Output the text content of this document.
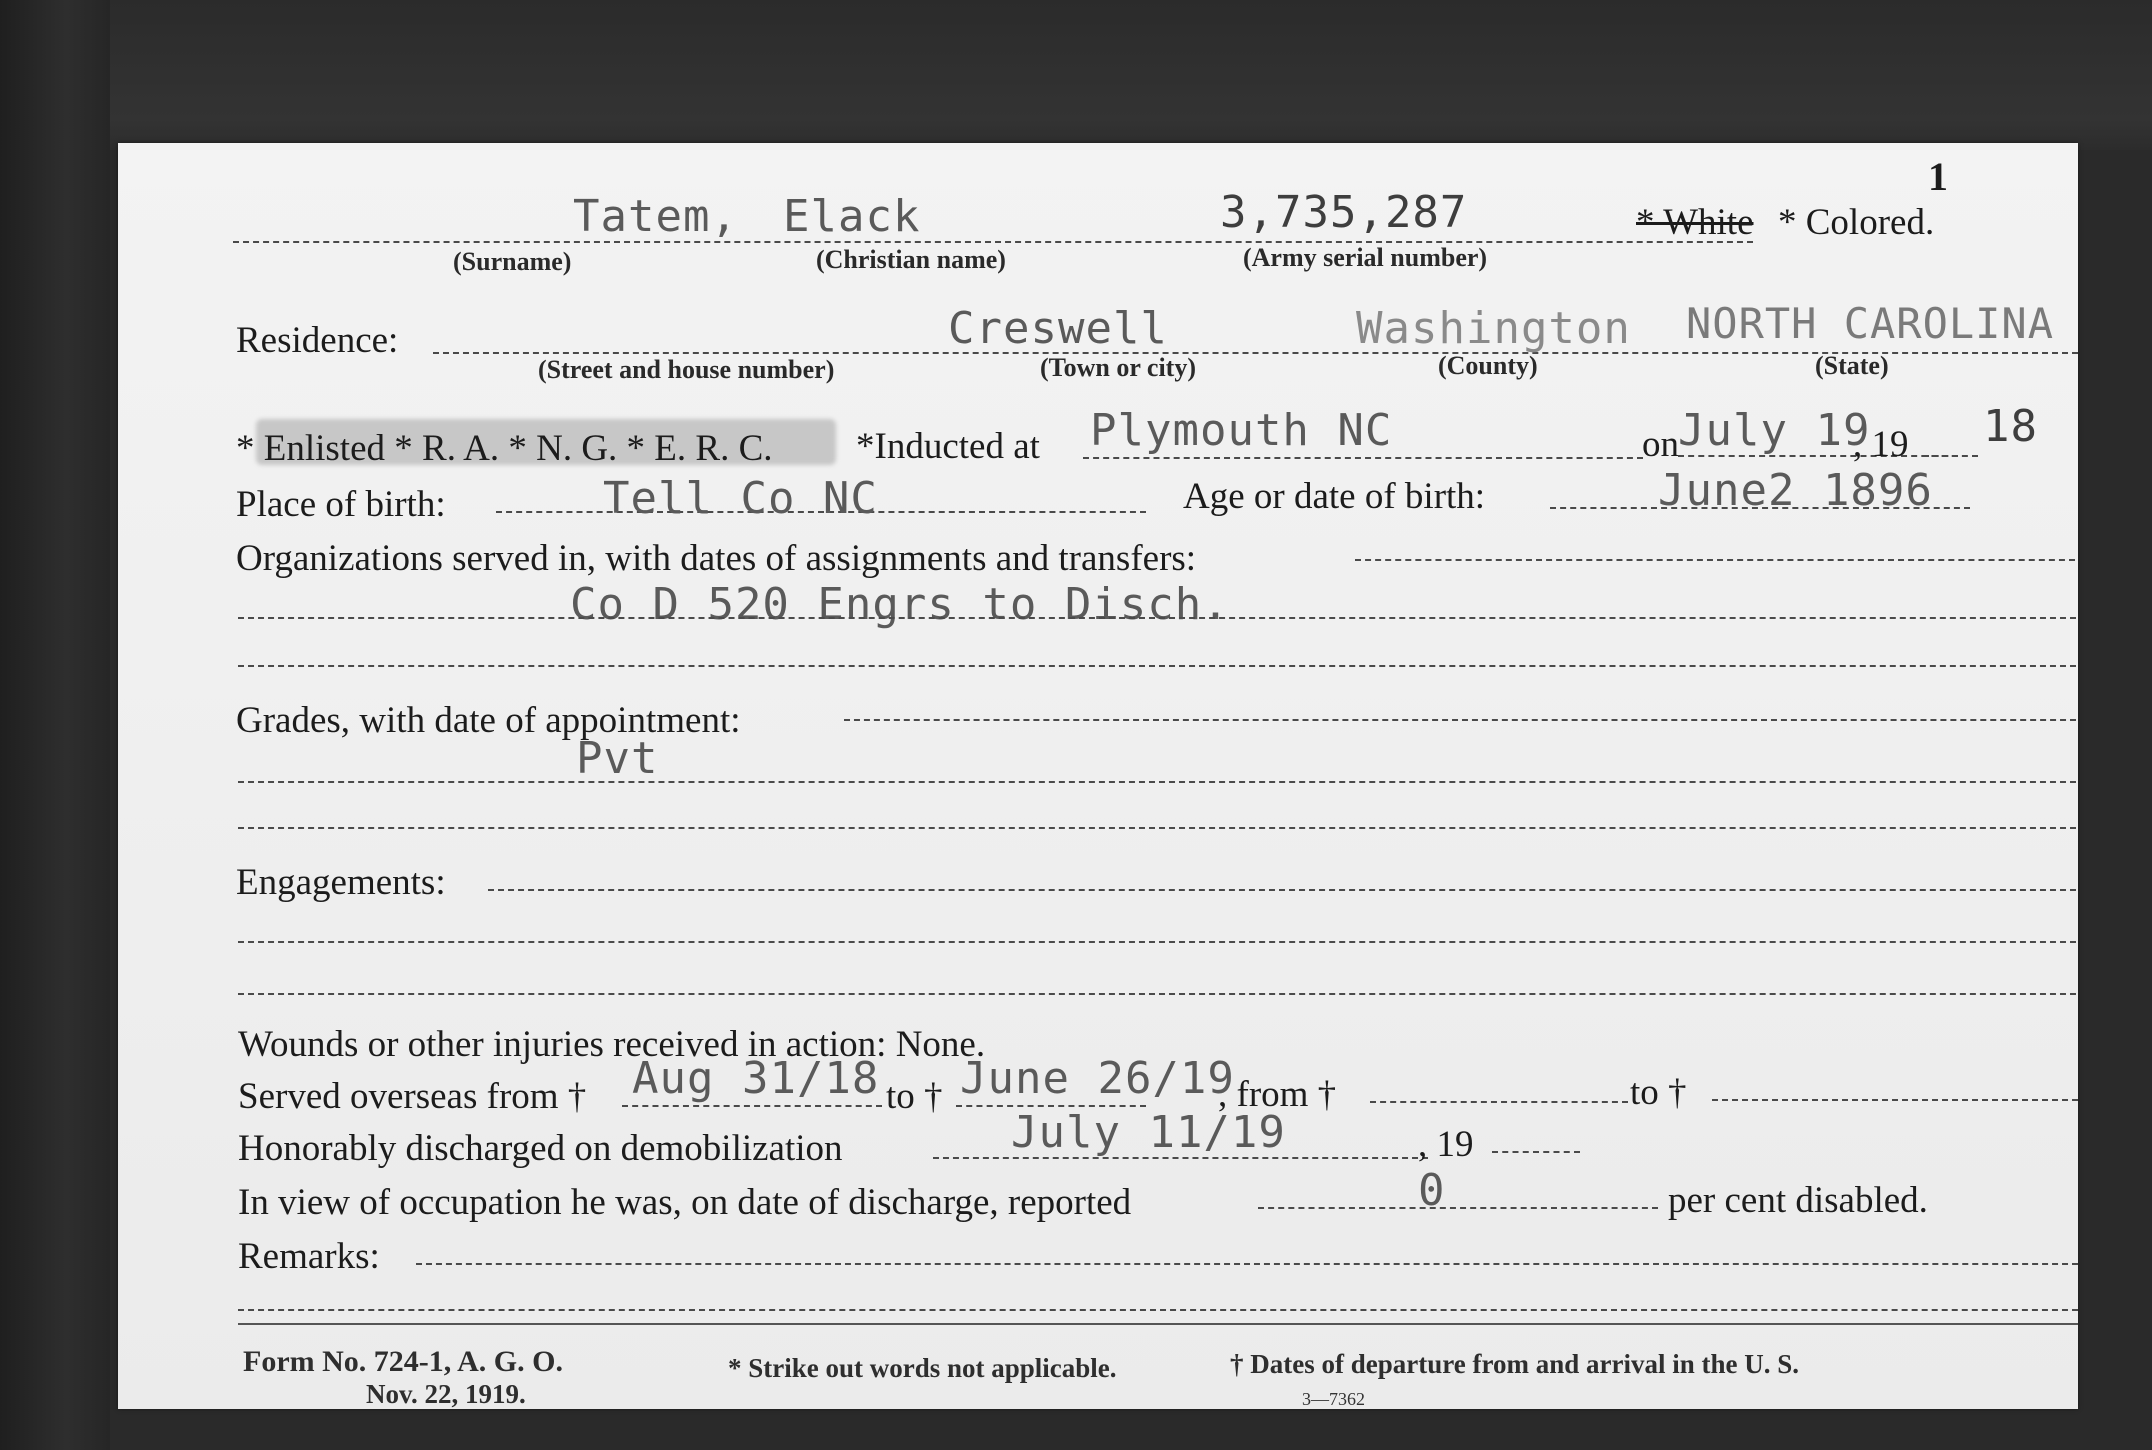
1
Tatem, Elack	3,735,287	* White * Colored.
(Surname)	(Christian name)	(Army serial number)
Residence:	Creswell	Washington NORTH CAROLINA
(Street and house number)	(Town or city)	(County)	(State)
* Enlisted * R. A. * N. G. * E. R. C. *Inducted at Plymouth NC	on July 19
, 19 18
Place of birth:	Tell Co NC	Age or date of birth:	June2 1896
Organizations served in, with dates of assignments and transfers:
Co D 520 Engrs to Disch.
Grades, with date of appointment:
Pvt
Engagements:
Wounds or other injuries received in action: None.
Served overseas from † Aug 31/18 to † June 26/19
, from †	to †
Honorably discharged on demobilization	July 11/19	, 19
In view of occupation he was, on date of discharge, reported	0	per cent disabled.
Remarks:
Form No. 724-1, A. G. O.
Nov. 22, 1919.
* Strike out words not applicable.	† Dates of departure from and arrival in the U. S.
3—7362
